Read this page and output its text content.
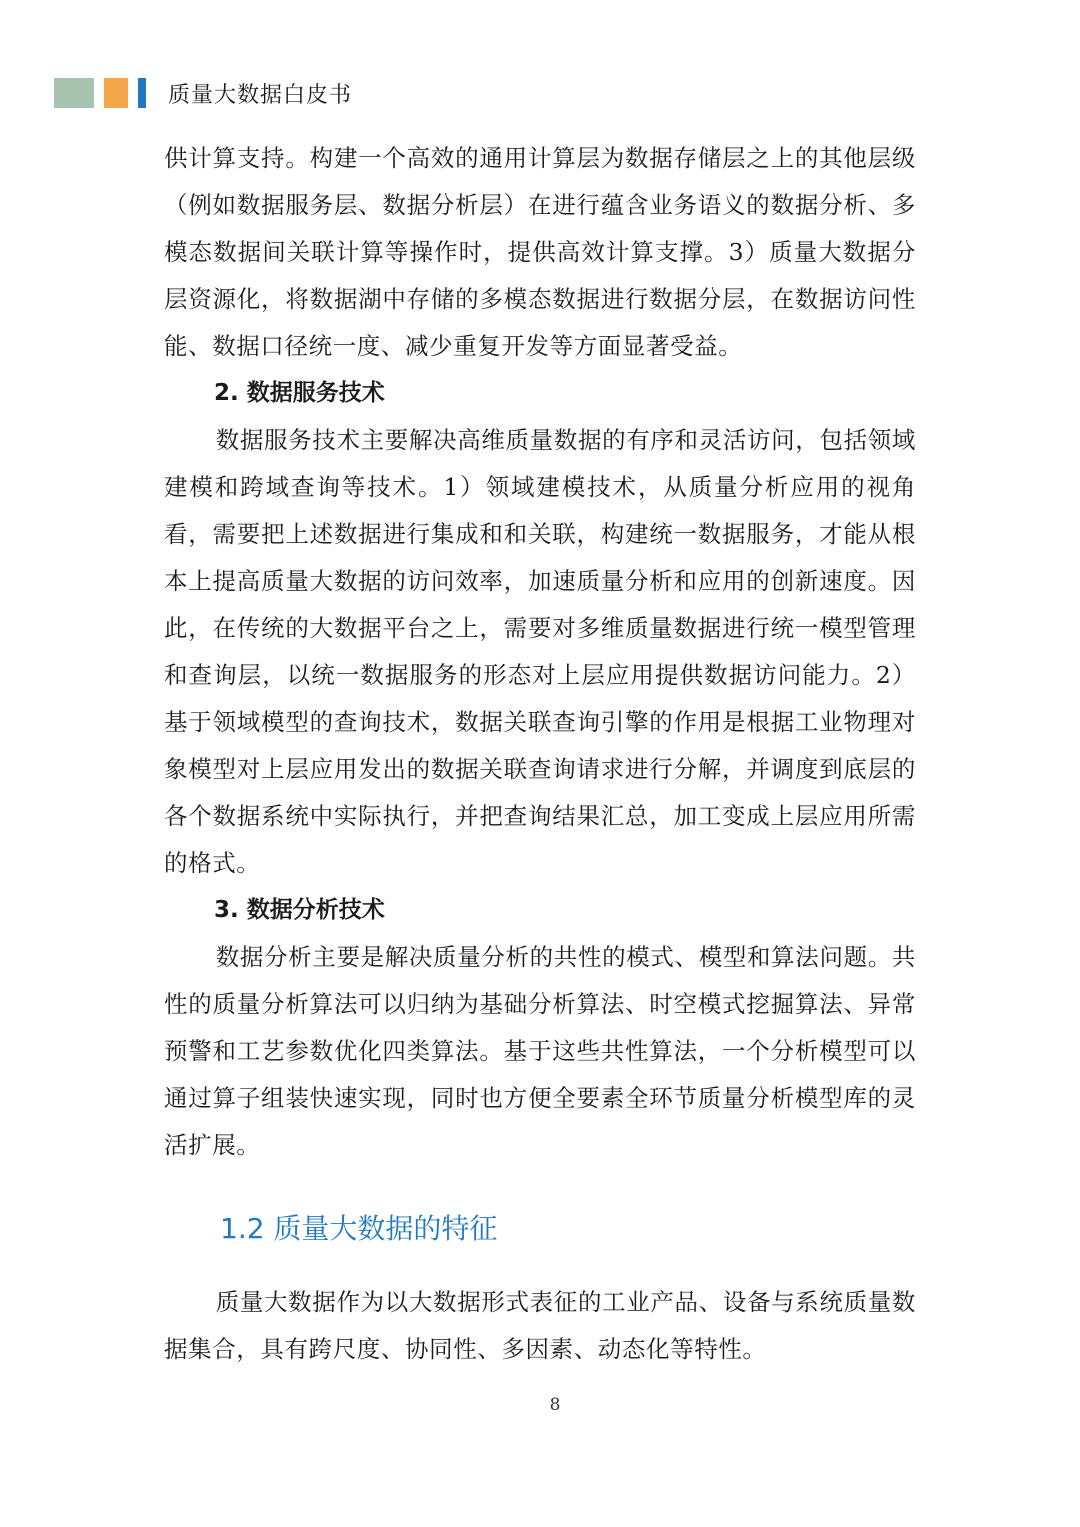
质量大数据白皮书

供计算支持。构建一个高效的通用计算层为数据存储层之上的其他层级（例如数据服务层、数据分析层）在进行蕴含业务语义的数据分析、多模态数据间关联计算等操作时，提供高效计算支撑。3）质量大数据分层资源化，将数据湖中存储的多模态数据进行数据分层，在数据访问性能、数据口径统一度、减少重复开发等方面显著受益。

2. 数据服务技术

数据服务技术主要解决高维质量数据的有序和灵活访问，包括领域建模和跨域查询等技术。1）领域建模技术，从质量分析应用的视角看，需要把上述数据进行集成和和关联，构建统一数据服务，才能从根本上提高质量大数据的访问效率，加速质量分析和应用的创新速度。因此，在传统的大数据平台之上，需要对多维质量数据进行统一模型管理和查询层，以统一数据服务的形态对上层应用提供数据访问能力。2）基于领域模型的查询技术，数据关联查询引擎的作用是根据工业物理对象模型对上层应用发出的数据关联查询请求进行分解，并调度到底层的各个数据系统中实际执行，并把查询结果汇总，加工变成上层应用所需的格式。

3. 数据分析技术

数据分析主要是解决质量分析的共性的模式、模型和算法问题。共性的质量分析算法可以归纳为基础分析算法、时空模式挖掘算法、异常预警和工艺参数优化四类算法。基于这些共性算法，一个分析模型可以通过算子组装快速实现，同时也方便全要素全环节质量分析模型库的灵活扩展。

1.2 质量大数据的特征

质量大数据作为以大数据形式表征的工业产品、设备与系统质量数据集合，具有跨尺度、协同性、多因素、动态化等特性。

8
